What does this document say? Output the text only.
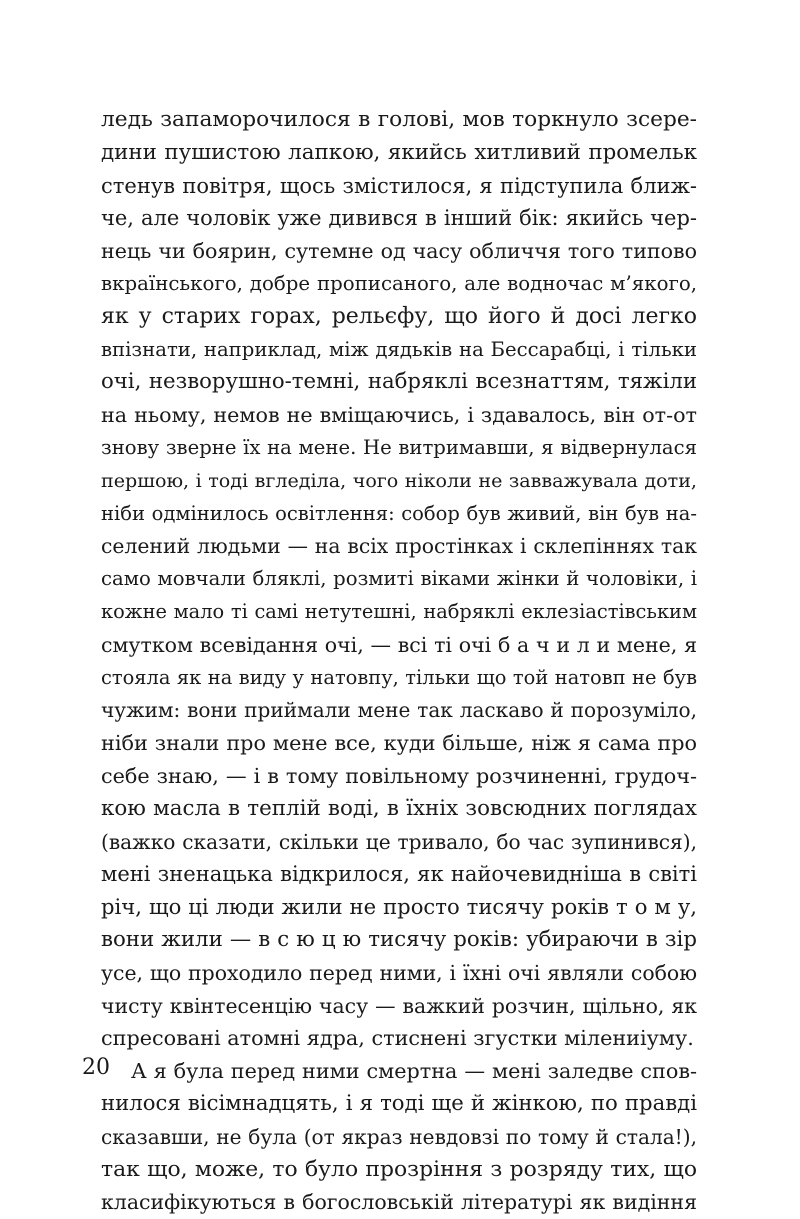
ледь запаморочилося в голові, мов торкнуло зсере-
дини пушистою лапкою, якийсь хитливий промельк
стенув повітря, щось змістилося, я підступила ближ-
че, але чоловік уже дивився в інший бік: якийсь чер-
нець чи боярин, сутемне од часу обличчя того типово
вкраїнського, добре прописаного, але водночас м’якого,
як у старих горах, рельєфу, що його й досі легко
впізнати, наприклад, між дядьків на Бессарабці, і тільки
очі, незворушно-темні, набряклі всезнаттям, тяжіли
на ньому, немов не вміщаючись, і здавалось, він от-от
знову зверне їх на мене. Не витримавши, я відвернулася
першою, і тоді вгледіла, чого ніколи не завважувала доти,
ніби одмінилось освітлення: собор був живий, він був на-
селений людьми — на всіх простінках і склепіннях так
само мовчали бляклі, розмиті віками жінки й чоловіки, і
кожне мало ті самі нетутешні, набряклі еклезіастівським
смутком всевідання очі, — всі ті очі б а ч и л и мене, я
стояла як на виду у натовпу, тільки що той натовп не був
чужим: вони приймали мене так ласкаво й порозуміло,
ніби знали про мене все, куди більше, ніж я сама про
себе знаю, — і в тому повільному розчиненні, грудоч-
кою масла в теплій воді, в їхніх зовсюдних поглядах
(важко сказати, скільки це тривало, бо час зупинився),
мені зненацька відкрилося, як найочевидніша в світі
річ, що ці люди жили не просто тисячу років т о м у,
вони жили — в с ю ц ю тисячу років: убираючи в зір
усе, що проходило перед ними, і їхні очі являли собою
чисту квінтесенцію часу — важкий розчин, щільно, як
спресовані атомні ядра, стиснені згустки мілениіуму.
А я була перед ними смертна — мені заледве спов-
нилося вісімнадцять, і я тоді ще й жінкою, по правді
сказавши, не була (от якраз невдовзі по тому й стала!),
так що, може, то було прозріння з розряду тих, що
класифікуються в богословській літературі як видіння
20
